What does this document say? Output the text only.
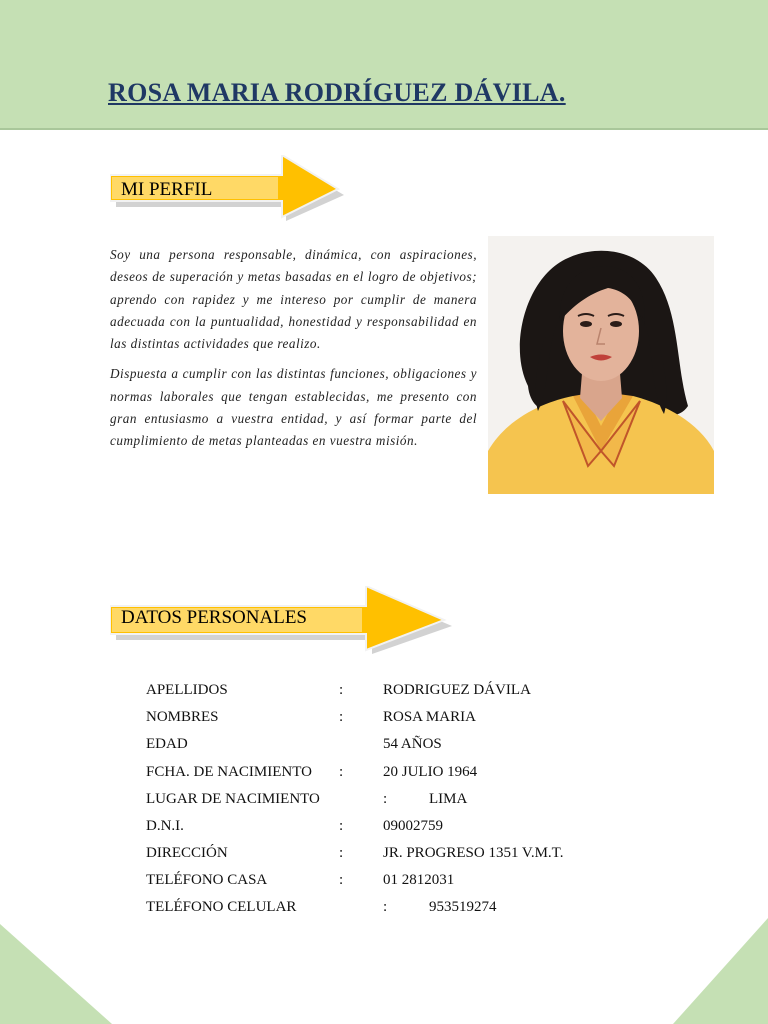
ROSA MARIA RODRÍGUEZ DÁVILA.
MI PERFIL

Soy una persona responsable, dinámica, con aspiraciones, deseos de superación y metas basadas en el logro de objetivos; aprendo con rapidez y me intereso por cumplir de manera adecuada con la puntualidad, honestidad y responsabilidad en las distintas actividades que realizo.

Dispuesta a cumplir con las distintas funciones, obligaciones y normas laborales que tengan establecidas, me presento con gran entusiasmo a vuestra entidad, y así formar parte del cumplimiento de metas planteadas en vuestra misión.

DATOS PERSONALES
APELLIDOS	:	RODRIGUEZ DÁVILA
NOMBRES	:	ROSA MARIA
EDAD	54 AÑOS
FCHA. DE NACIMIENTO :	20 JULIO 1964
LUGAR DE NACIMIENTO	:	LIMA
D.N.I.	:	09002759
DIRECCIÓN	:	JR. PROGRESO 1351 V.M.T.
TELÉFONO CASA	:	01 2812031
TELÉFONO CELULAR	:	953519274
